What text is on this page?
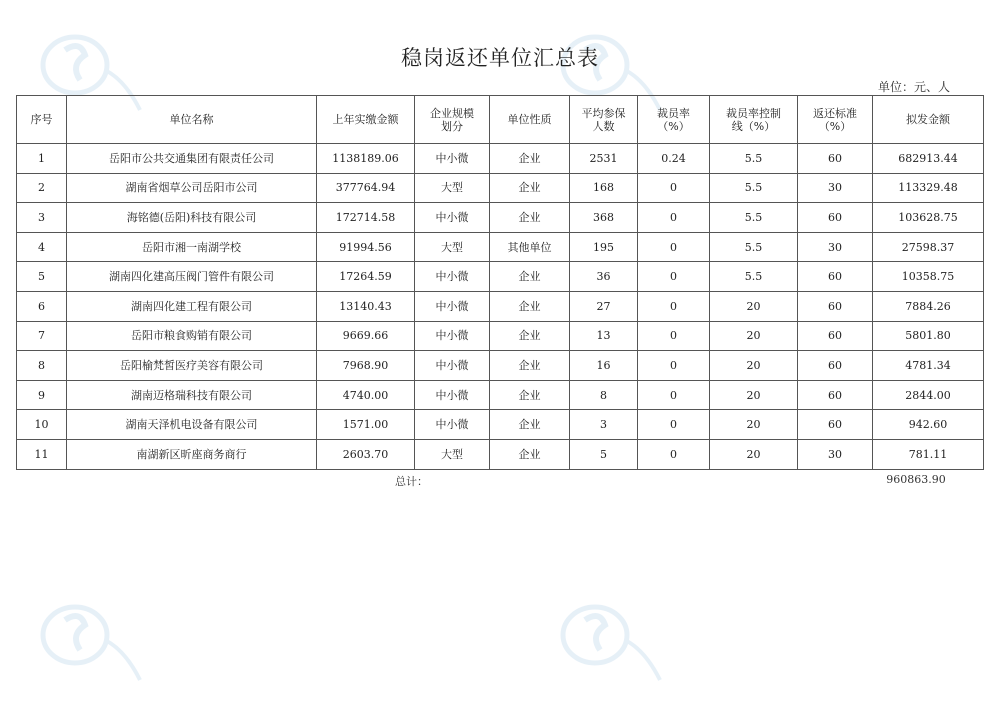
稳岗返还单位汇总表
单位：元、人
序号	单位名称	上年实缴金额	企业规模划分	单位性质	平均参保人数	裁员率（%）	裁员率控制线（%）	返还标准（%）	拟发金额
1	岳阳市公共交通集团有限责任公司	1138189.06	中小微	企业	2531	0.24	5.5	60	682913.44
2	湖南省烟草公司岳阳市公司	377764.94	大型	企业	168	0	5.5	30	113329.48
3	海铭德(岳阳)科技有限公司	172714.58	中小微	企业	368	0	5.5	60	103628.75
4	岳阳市湘一南湖学校	91994.56	大型	其他单位	195	0	5.5	30	27598.37
5	湖南四化建高压阀门管件有限公司	17264.59	中小微	企业	36	0	5.5	60	10358.75
6	湖南四化建工程有限公司	13140.43	中小微	企业	27	0	20	60	7884.26
7	岳阳市粮食购销有限公司	9669.66	中小微	企业	13	0	20	60	5801.80
8	岳阳榆梵皙医疗美容有限公司	7968.90	中小微	企业	16	0	20	60	4781.34
9	湖南迈格瑞科技有限公司	4740.00	中小微	企业	8	0	20	60	2844.00
10	湖南天泽机电设备有限公司	1571.00	中小微	企业	3	0	20	60	942.60
11	南湖新区昕座商务商行	2603.70	大型	企业	5	0	20	30	781.11
总计：	960863.90
